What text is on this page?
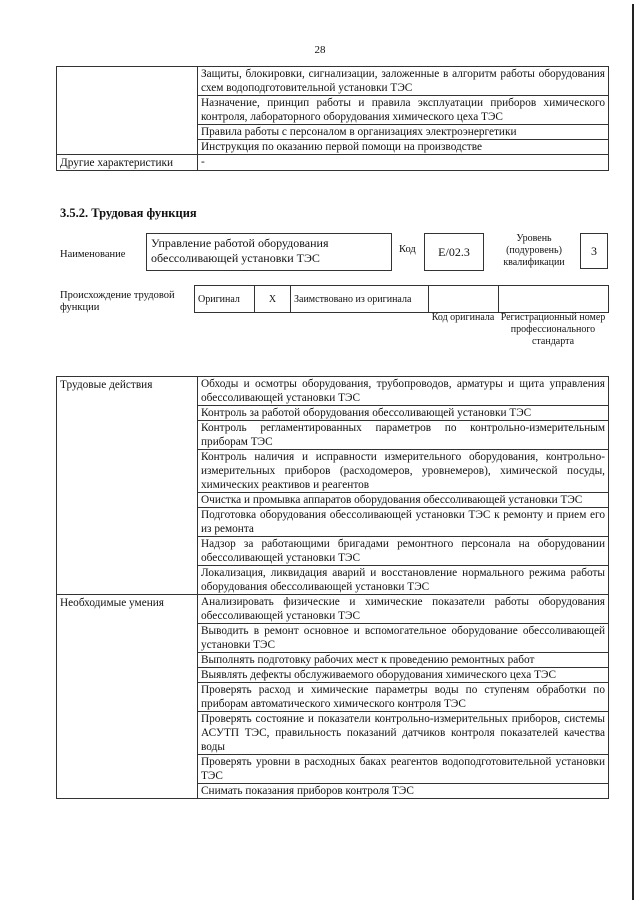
28
	Защиты, блокировки, сигнализации, заложенные в алгоритм работы оборудования схем водоподготовительной установки ТЭС
	Назначение, принцип работы и правила эксплуатации приборов химического контроля, лабораторного оборудования химического цеха ТЭС
	Правила работы с персоналом в организациях электроэнергетики
	Инструкция по оказанию первой помощи на производстве
Другие характеристики	-
3.5.2. Трудовая функция
Наименование
Управление работой оборудования обессоливающей установки ТЭС
Код	E/02.3
Уровень (подуровень) квалификации
3
Происхождение трудовой функции
Оригинал	X	Заимствовано из оригинала		
Код оригинала Регистрационный номер профессионального стандарта
Трудовые действия	Обходы и осмотры оборудования, трубопроводов, арматуры и щита управления обессоливающей установки ТЭС
	Контроль за работой оборудования обессоливающей установки ТЭС
	Контроль регламентированных параметров по контрольно-измерительным приборам ТЭС
	Контроль наличия и исправности измерительного оборудования, контрольно-измерительных приборов (расходомеров, уровнемеров), химической посуды, химических реактивов и реагентов
	Очистка и промывка аппаратов оборудования обессоливающей установки ТЭС
	Подготовка оборудования обессоливающей установки ТЭС к ремонту и прием его из ремонта
	Надзор за работающими бригадами ремонтного персонала на оборудовании обессоливающей установки ТЭС
	Локализация, ликвидация аварий и восстановление нормального режима работы оборудования обессоливающей установки ТЭС
Необходимые умения	Анализировать физические и химические показатели работы оборудования обессоливающей установки ТЭС
	Выводить в ремонт основное и вспомогательное оборудование обессоливающей установки ТЭС
	Выполнять подготовку рабочих мест к проведению ремонтных работ
	Выявлять дефекты обслуживаемого оборудования химического цеха ТЭС
	Проверять расход и химические параметры воды по ступеням обработки по приборам автоматического химического контроля ТЭС
	Проверять состояние и показатели контрольно-измерительных приборов, системы АСУТП ТЭС, правильность показаний датчиков контроля показателей качества воды
	Проверять уровни в расходных баках реагентов водоподготовительной установки ТЭС
	Снимать показания приборов контроля ТЭС
